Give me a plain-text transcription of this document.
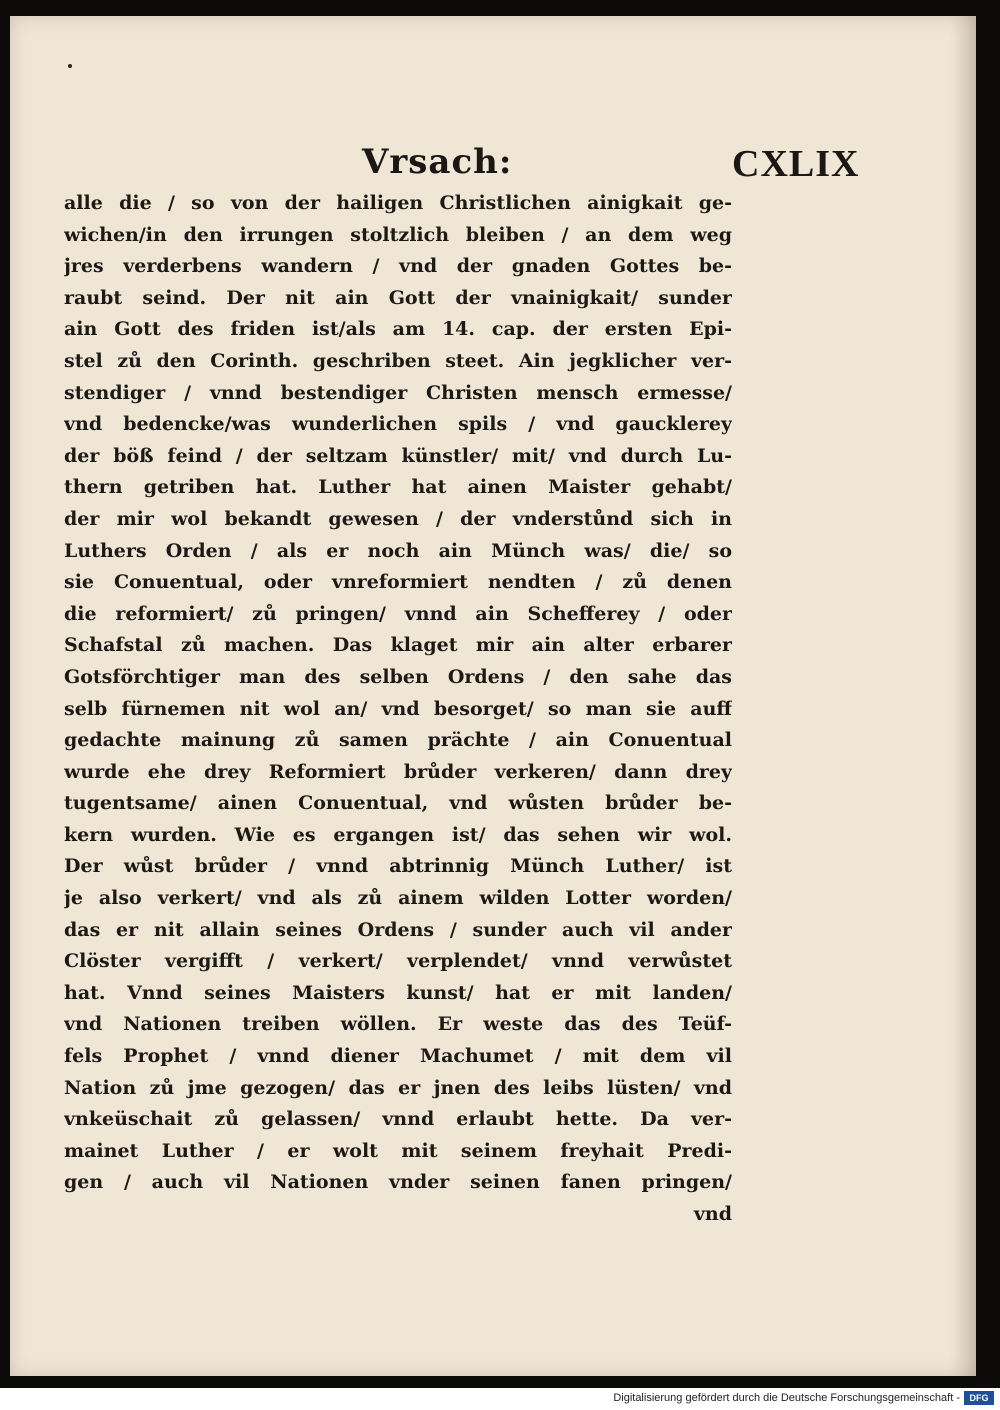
Vrsach:	CXLIX
alle die / so von der hailigen Christlichen ainigkait ge-
wichen/in den irrungen stoltzlich bleiben / an dem weg
jres verderbens wandern / vnd der gnaden Gottes be-
raubt seind. Der nit ain Gott der vnainigkait/ sunder
ain Gott des friden ist/als am 14. cap. der ersten Epi-
stel zů den Corinth. geschriben steet. Ain jegklicher ver-
stendiger / vnnd bestendiger Christen mensch ermesse/
vnd bedencke/was wunderlichen spils / vnd gaucklerey
der böß feind / der seltzam künstler/ mit/ vnd durch Lu-
thern getriben hat. Luther hat ainen Maister gehabt/
der mir wol bekandt gewesen / der vnderstůnd sich in
Luthers Orden / als er noch ain Münch was/ die/ so
sie Conuentual, oder vnreformiert nendten / zů denen
die reformiert/ zů pringen/ vnnd ain Schefferey / oder
Schafstal zů machen. Das klaget mir ain alter erbarer
Gotsförchtiger man des selben Ordens / den sahe das
selb fürnemen nit wol an/ vnd besorget/ so man sie auff
gedachte mainung zů samen prächte / ain Conuentual
wurde ehe drey Reformiert brůder verkeren/ dann drey
tugentsame/ ainen Conuentual, vnd wůsten brůder be-
kern wurden. Wie es ergangen ist/ das sehen wir wol.
Der wůst brůder / vnnd abtrinnig Münch Luther/ ist
je also verkert/ vnd als zů ainem wilden Lotter worden/
das er nit allain seines Ordens / sunder auch vil ander
Clöster vergifft / verkert/ verplendet/ vnnd verwůstet
hat. Vnnd seines Maisters kunst/ hat er mit landen/
vnd Nationen treiben wöllen. Er weste das des Teüf-
fels Prophet / vnnd diener Machumet / mit dem vil
Nation zů jme gezogen/ das er jnen des leibs lüsten/ vnd
vnkeüschait zů gelassen/ vnnd erlaubt hette. Da ver-
mainet Luther / er wolt mit seinem freyhait Predi-
gen / auch vil Nationen vnder seinen fanen pringen/
vnd
Digitalisierung gefördert durch die Deutsche Forschungsgemeinschaft -	DFG
